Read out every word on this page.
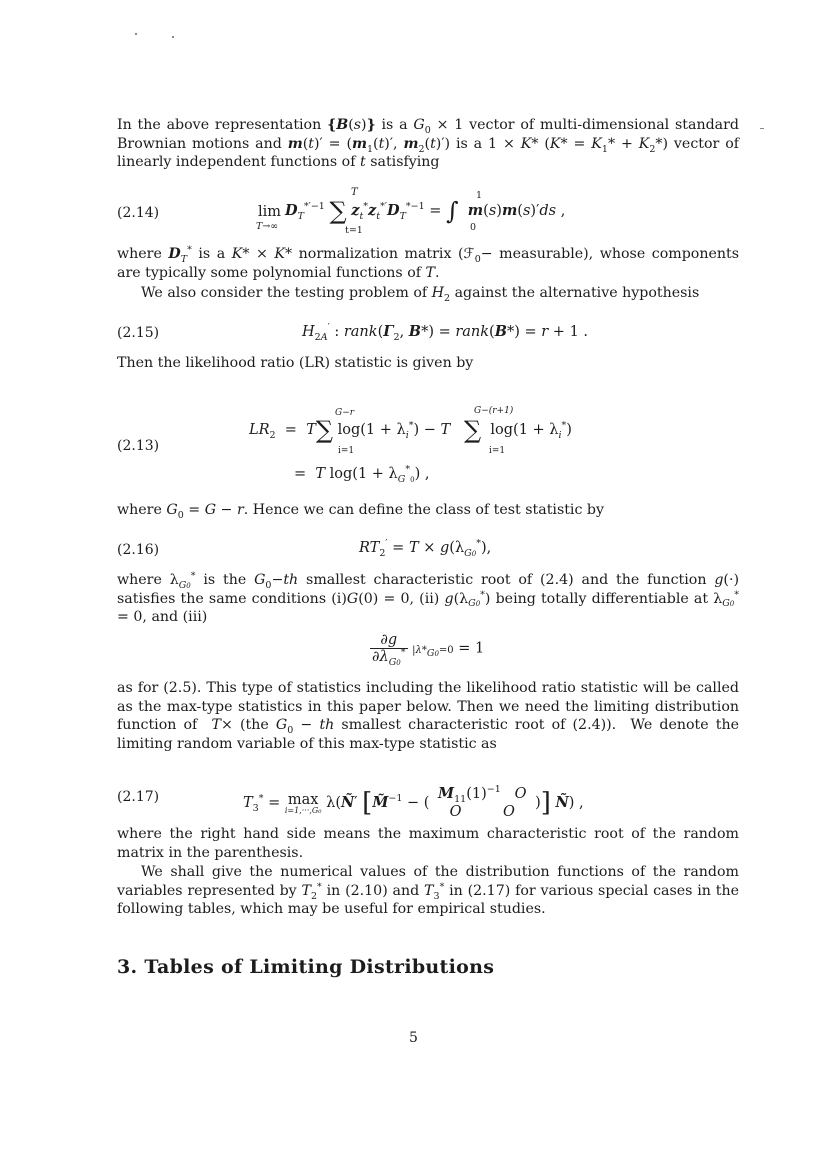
In the above representation {B(s)} is a $G_0 \times 1$ vector of multi-dimensional standard Brownian motions and $m(t)' = (m_1(t)'$, $m_2(t)'$) is a 1 × K* $(K* = K_1* + K_2*)$ vector of linearly independent functions of t satisfying
(2.14)
T
lim
T→∞
$D_T^{*'-1}$ ∑ $z_t^*z_t^{*'}D_T^{*-1}$ = ∫ m(s)m(s)′ds ,
t=1
1
0
where $D_T^*$ is a K* × K* normalization matrix (ℱ$_0$− measurable), whose components are typically some polynomial functions of T.
We also consider the testing problem of $H_2$ against the alternative hypothesis
(2.15)	$H_{2A}'$ : $rank(\Gamma_2$, B*) = rank(B*) = r + 1 .
Then the likelihood ratio (LR) statistic is given by
G−r	G−(r+1)
(2.13)
$LR_2 = T\sum$ $\log(1 + \lambda_i^*) - T$ ∑  $\log(1 + \lambda_i^*)$
i=1	i=1
=  T $\log(1 + \lambda_G^*_0)$ ,
where $G_0 = G - r$. Hence we can define the class of test statistic by
(2.16)	$RT_2' = T \times g(\lambda_{G0}^*)$,
where $\lambda_{G0}^*$ is the $G_0-th$ smallest characteristic root of (2.4) and the function g(·) satisfies the same conditions (i)G(0) = 0, (ii) $g(\lambda_{G0}^*)$ being totally differentiable at $\lambda_{G0}^* = 0$, and (iii)
$\frac{\partial g}{\partial\lambda_{G0}^*} |\lambda*_{G0}=0 = 1$
as for (2.5). This type of statistics including the likelihood ratio statistic will be called as the max-type statistics in this paper below. Then we need the limiting distribution function of  T× (the $G_0$ − th smallest characteristic root of (2.4)).  We denote the limiting random variable of this max-type statistic as
(2.17)	$T_3^* = \max$
i=1,···,G₀ λ(Ñ′ [M̃$^{-1}$ − (
$M_{11}(1)^{-1}$ O
O	O
)] Ñ) ,
where the right hand side means the maximum characteristic root of the random matrix in the parenthesis.
We shall give the numerical values of the distribution functions of the random variables represented by $T_2^*$ in (2.10) and $T_3^*$ in (2.17) for various special cases in the following tables, which may be useful for empirical studies.
3. Tables of Limiting Distributions
5
